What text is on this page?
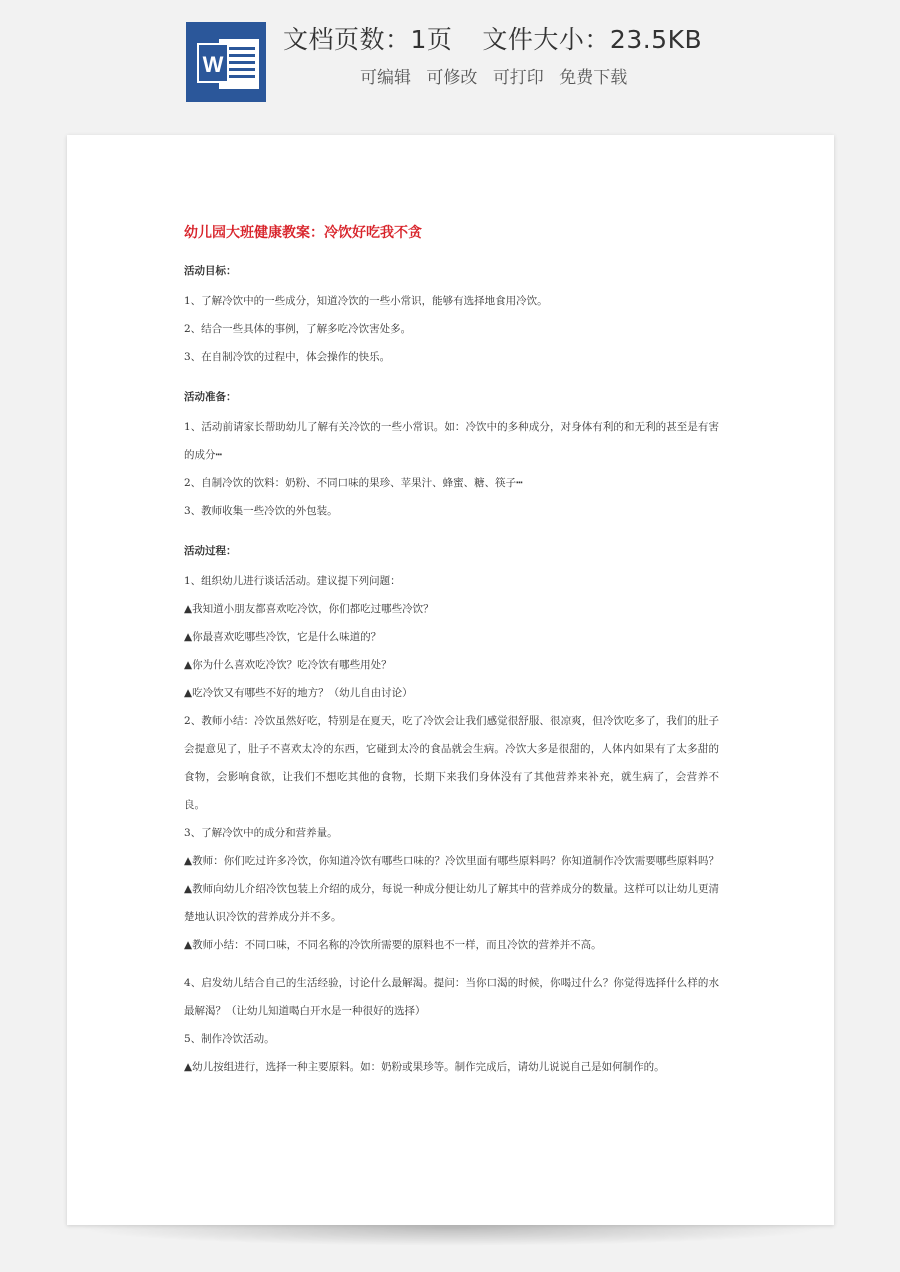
W
文档页数：1页 文件大小：23.5KB
可编辑 可修改 可打印 免费下载
幼儿园大班健康教案：冷饮好吃我不贪
活动目标：

1、了解冷饮中的一些成分，知道冷饮的一些小常识，能够有选择地食用冷饮。

2、结合一些具体的事例，了解多吃冷饮害处多。

3、在自制冷饮的过程中，体会操作的快乐。

活动准备：

1、活动前请家长帮助幼儿了解有关冷饮的一些小常识。如：冷饮中的多种成分，对身体有利的和无利的甚至是有害的成分┅

2、自制冷饮的饮料：奶粉、不同口味的果珍、苹果汁、蜂蜜、糖、筷子┅

3、教师收集一些冷饮的外包装。

活动过程：

1、组织幼儿进行谈话活动。建议提下列问题：

▲我知道小朋友都喜欢吃冷饮，你们都吃过哪些冷饮？

▲你最喜欢吃哪些冷饮，它是什么味道的？

▲你为什么喜欢吃冷饮？吃冷饮有哪些用处？

▲吃冷饮又有哪些不好的地方？（幼儿自由讨论）

2、教师小结：冷饮虽然好吃，特别是在夏天，吃了冷饮会让我们感觉很舒服、很凉爽，但冷饮吃多了，我们的肚子会提意见了，肚子不喜欢太冷的东西，它碰到太冷的食品就会生病。冷饮大多是很甜的，人体内如果有了太多甜的食物，会影响食欲，让我们不想吃其他的食物，长期下来我们身体没有了其他营养来补充，就生病了，会营养不良。

3、了解冷饮中的成分和营养量。

▲教师：你们吃过许多冷饮，你知道冷饮有哪些口味的？冷饮里面有哪些原料吗？你知道制作冷饮需要哪些原料吗？　▲教师向幼儿介绍冷饮包装上介绍的成分，每说一种成分便让幼儿了解其中的营养成分的数量。这样可以让幼儿更清楚地认识冷饮的营养成分并不多。

▲教师小结：不同口味，不同名称的冷饮所需要的原料也不一样，而且冷饮的营养并不高。

4、启发幼儿结合自己的生活经验，讨论什么最解渴。提问：当你口渴的时候，你喝过什么？你觉得选择什么样的水最解渴？（让幼儿知道喝白开水是一种很好的选择）

5、制作冷饮活动。

▲幼儿按组进行，选择一种主要原料。如：奶粉或果珍等。制作完成后，请幼儿说说自己是如何制作的。
